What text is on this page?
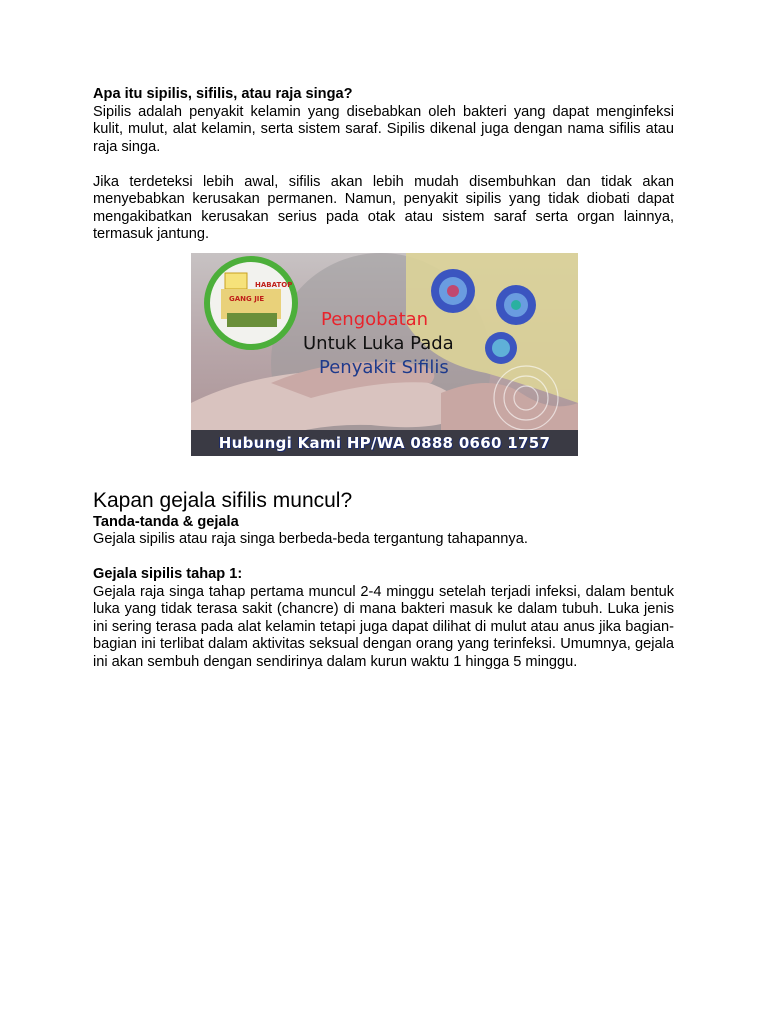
Apa itu sipilis, sifilis, atau raja singa?

Sipilis adalah penyakit kelamin yang disebabkan oleh bakteri yang dapat menginfeksi kulit, mulut, alat kelamin, serta sistem saraf. Sipilis dikenal juga dengan nama sifilis atau raja singa.

Jika terdeteksi lebih awal, sifilis akan lebih mudah disembuhkan dan tidak akan menyebabkan kerusakan permanen. Namun, penyakit sipilis yang tidak diobati dapat mengakibatkan kerusakan serius pada otak atau sistem saraf serta organ lainnya, termasuk jantung.

GANG JIE
HABATOP
Pengobatan
Untuk Luka Pada
Penyakit Sifilis
Hubungi Kami HP/WA 0888 0660 1757
Kapan gejala sifilis muncul?

Tanda-tanda & gejala

Gejala sipilis atau raja singa berbeda-beda tergantung tahapannya.

Gejala sipilis tahap 1:

Gejala raja singa tahap pertama muncul 2-4 minggu setelah terjadi infeksi, dalam bentuk luka yang tidak terasa sakit (chancre) di mana bakteri masuk ke dalam tubuh. Luka jenis ini sering terasa pada alat kelamin tetapi juga dapat dilihat di mulut atau anus jika bagian-bagian ini terlibat dalam aktivitas seksual dengan orang yang terinfeksi. Umumnya, gejala ini akan sembuh dengan sendirinya dalam kurun waktu 1 hingga 5 minggu.
